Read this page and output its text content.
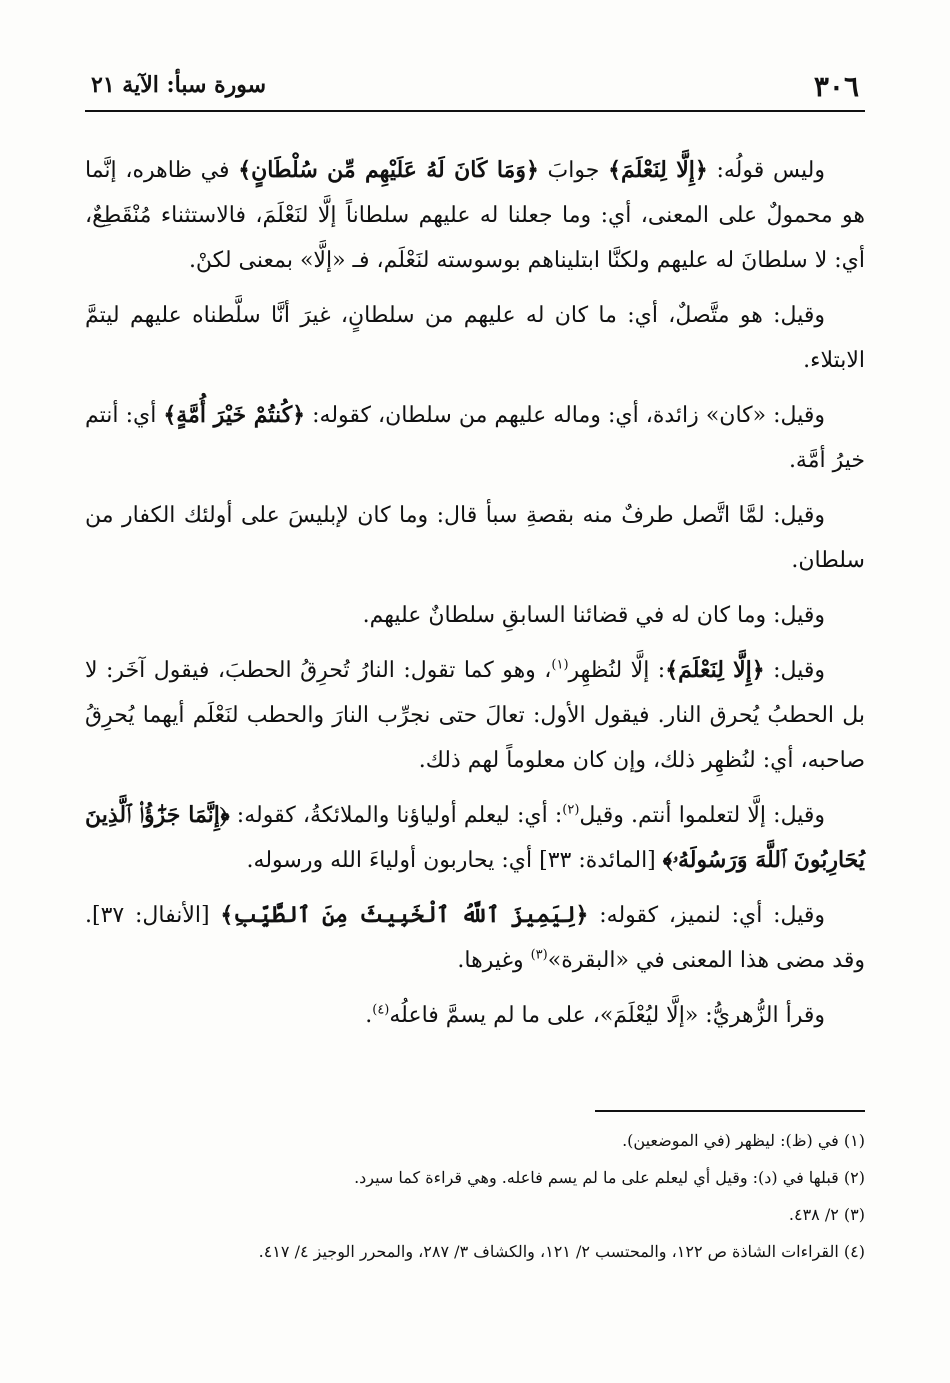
٣٠٦
سورة سبأ: الآية ٢١

وليس قولُه: ﴿إِلَّا لِنَعْلَمَ﴾ جوابَ ﴿وَمَا كَانَ لَهُ عَلَيْهِم مِّن سُلْطَانٍ﴾ في ظاهره، إنَّما هو محمولٌ على المعنى، أي: وما جعلنا له عليهم سلطاناً إلَّا لنَعْلَمَ، فالاستثناء مُنْقَطِعٌ، أي: لا سلطانَ له عليهم ولكنَّا ابتليناهم بوسوسته لنَعْلَم، فـ «إلَّا» بمعنى لكنْ.

وقيل: هو متَّصلٌ، أي: ما كان له عليهم من سلطانٍ، غيرَ أنَّا سلَّطناه عليهم ليتمَّ الابتلاء.

وقيل: «كان» زائدة، أي: وماله عليهم من سلطان، كقوله: ﴿كُنتُمْ خَيْرَ أُمَّةٍ﴾ أي: أنتم خيرُ أمَّة.

وقيل: لمَّا اتَّصل طرفٌ منه بقصةِ سبأ قال: وما كان لإبليسَ على أولئك الكفار من سلطان.

وقيل: وما كان له في قضائنا السابقِ سلطانٌ عليهم.

وقيل: ﴿إِلَّا لِنَعْلَمَ﴾: إلَّا لنُظهِر$^{(١)}$، وهو كما تقول: النارُ تُحرِقُ الحطبَ، فيقول آخَر: لا بل الحطبُ يُحرق النار. فيقول الأول: تعالَ حتى نجرِّب النارَ والحطب لنَعْلَم أيهما يُحرِقُ صاحبه، أي: لنُظهِر ذلك، وإن كان معلوماً لهم ذلك.

وقيل: إلَّا لتعلموا أنتم. وقيل$^{(٢)}$: أي: ليعلم أولياؤنا والملائكةُ، كقوله: ﴿إِنَّمَا جَزَٰٓؤُا۟ ٱلَّذِينَ يُحَارِبُونَ ٱللَّهَ وَرَسُولَهُۥ﴾ [المائدة: ٣٣] أي: يحاربون أولياءَ الله ورسوله.

وقيل: أي: لنميز، كقوله: ﴿لِيَمِيزَ ٱللَّهُ ٱلْخَبِيثَ مِنَ ٱلطَّيِّبِ﴾ [الأنفال: ٣٧]. وقد مضى هذا المعنى في «البقرة»$^{(٣)}$ وغيرها.

وقرأ الزُّهريُّ: «إلَّا ليُعْلَمَ»، على ما لم يسمَّ فاعلُه$^{(٤)}$.

(١) في (ظ): ليظهر (في الموضعين).

(٢) قبلها في (د): وقيل أي ليعلم على ما لم يسم فاعله. وهي قراءة كما سيرد.

(٣) ٢/ ٤٣٨.

(٤) القراءات الشاذة ص ١٢٢، والمحتسب ٢/ ١٢١، والكشاف ٣/ ٢٨٧، والمحرر الوجيز ٤/ ٤١٧.
